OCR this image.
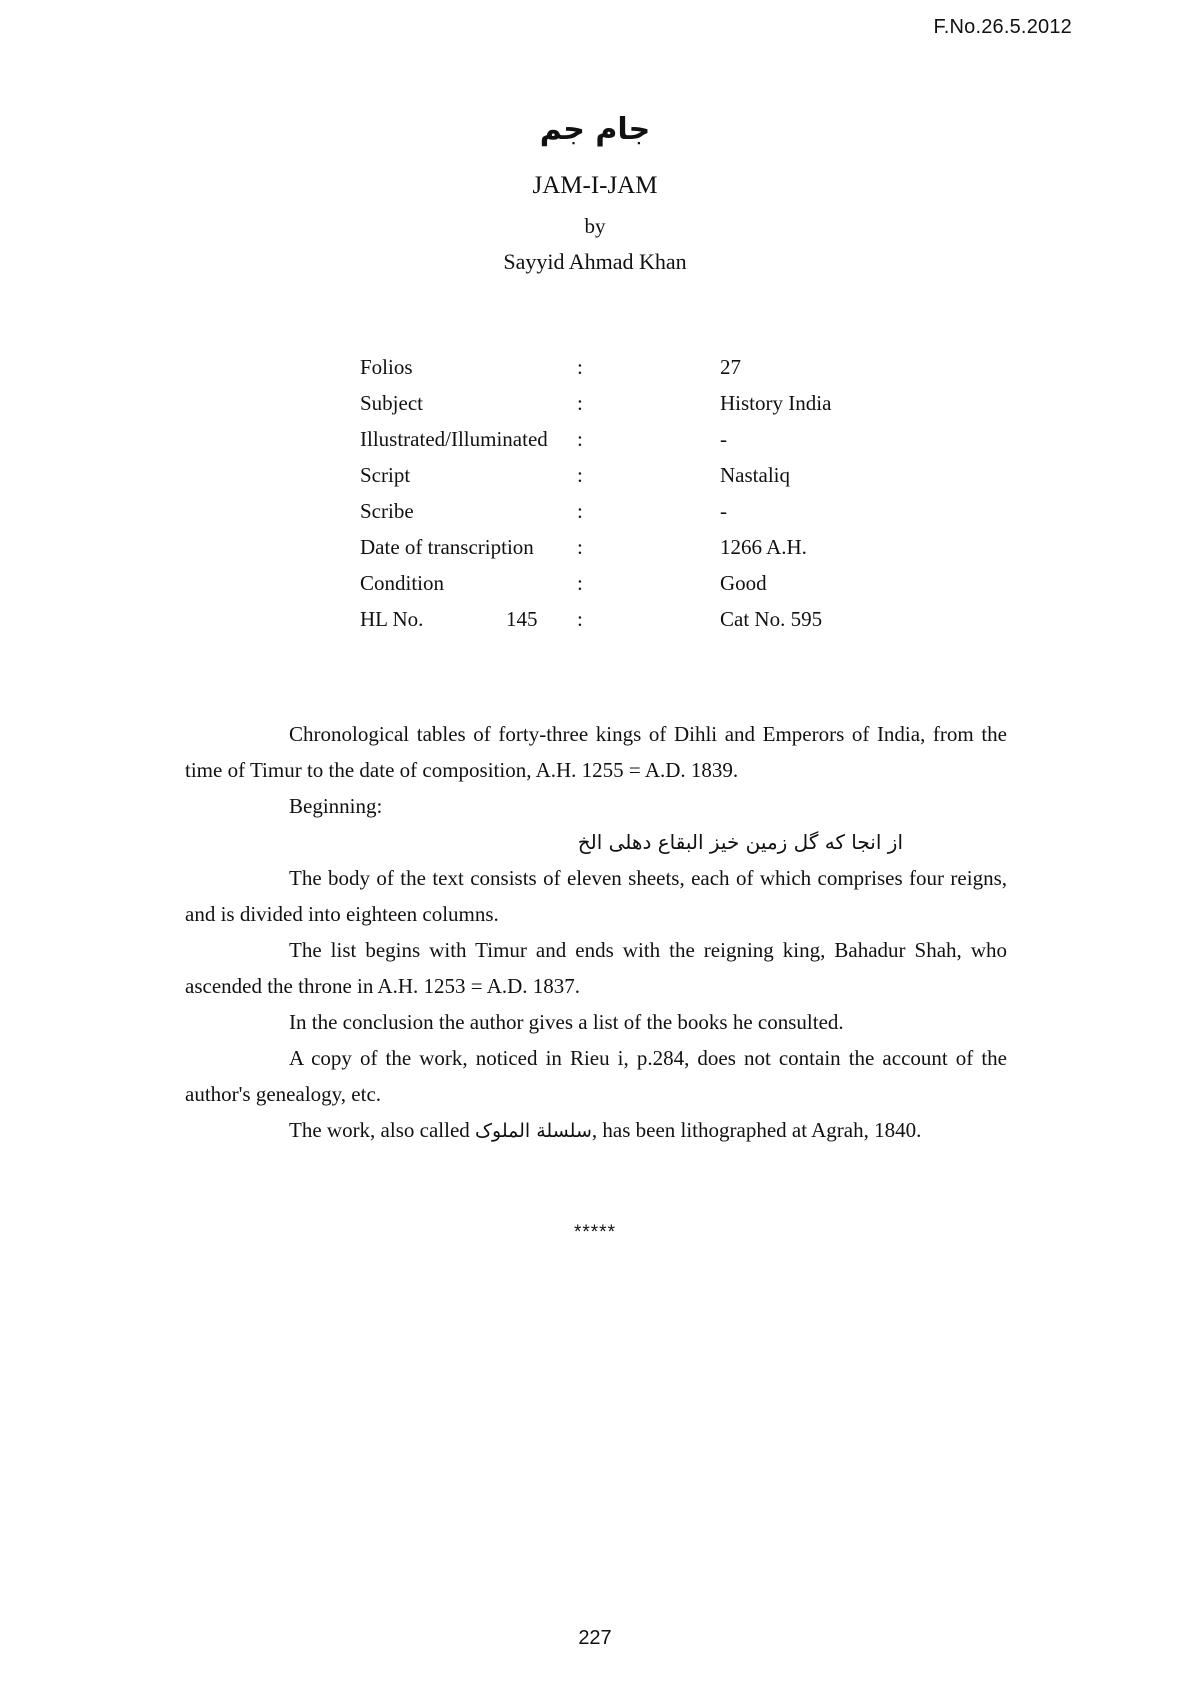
F.No.26.5.2012
جام جم
JAM-I-JAM
by
Sayyid Ahmad Khan
Folios	:	27
Subject	:	History India
Illustrated/Illuminated :	-
Script	:	Nastaliq
Scribe	:	-
Date of transcription :	1266 A.H.
Condition	:	Good
HL No.	145 :	Cat No. 595

Chronological tables of forty-three kings of Dihli and Emperors of India, from the time of Timur to the date of composition, A.H. 1255 = A.D. 1839.

Beginning:

از انجا که گل زمین خیز البقاع دهلی الخ

The body of the text consists of eleven sheets, each of which comprises four reigns, and is divided into eighteen columns.

The list begins with Timur and ends with the reigning king, Bahadur Shah, who ascended the throne in A.H. 1253 = A.D. 1837.

In the conclusion the author gives a list of the books he consulted.

A copy of the work, noticed in Rieu i, p.284, does not contain the account of the author's genealogy, etc.

The work, also called سلسلة الملوک, has been lithographed at Agrah, 1840.

*****
227
